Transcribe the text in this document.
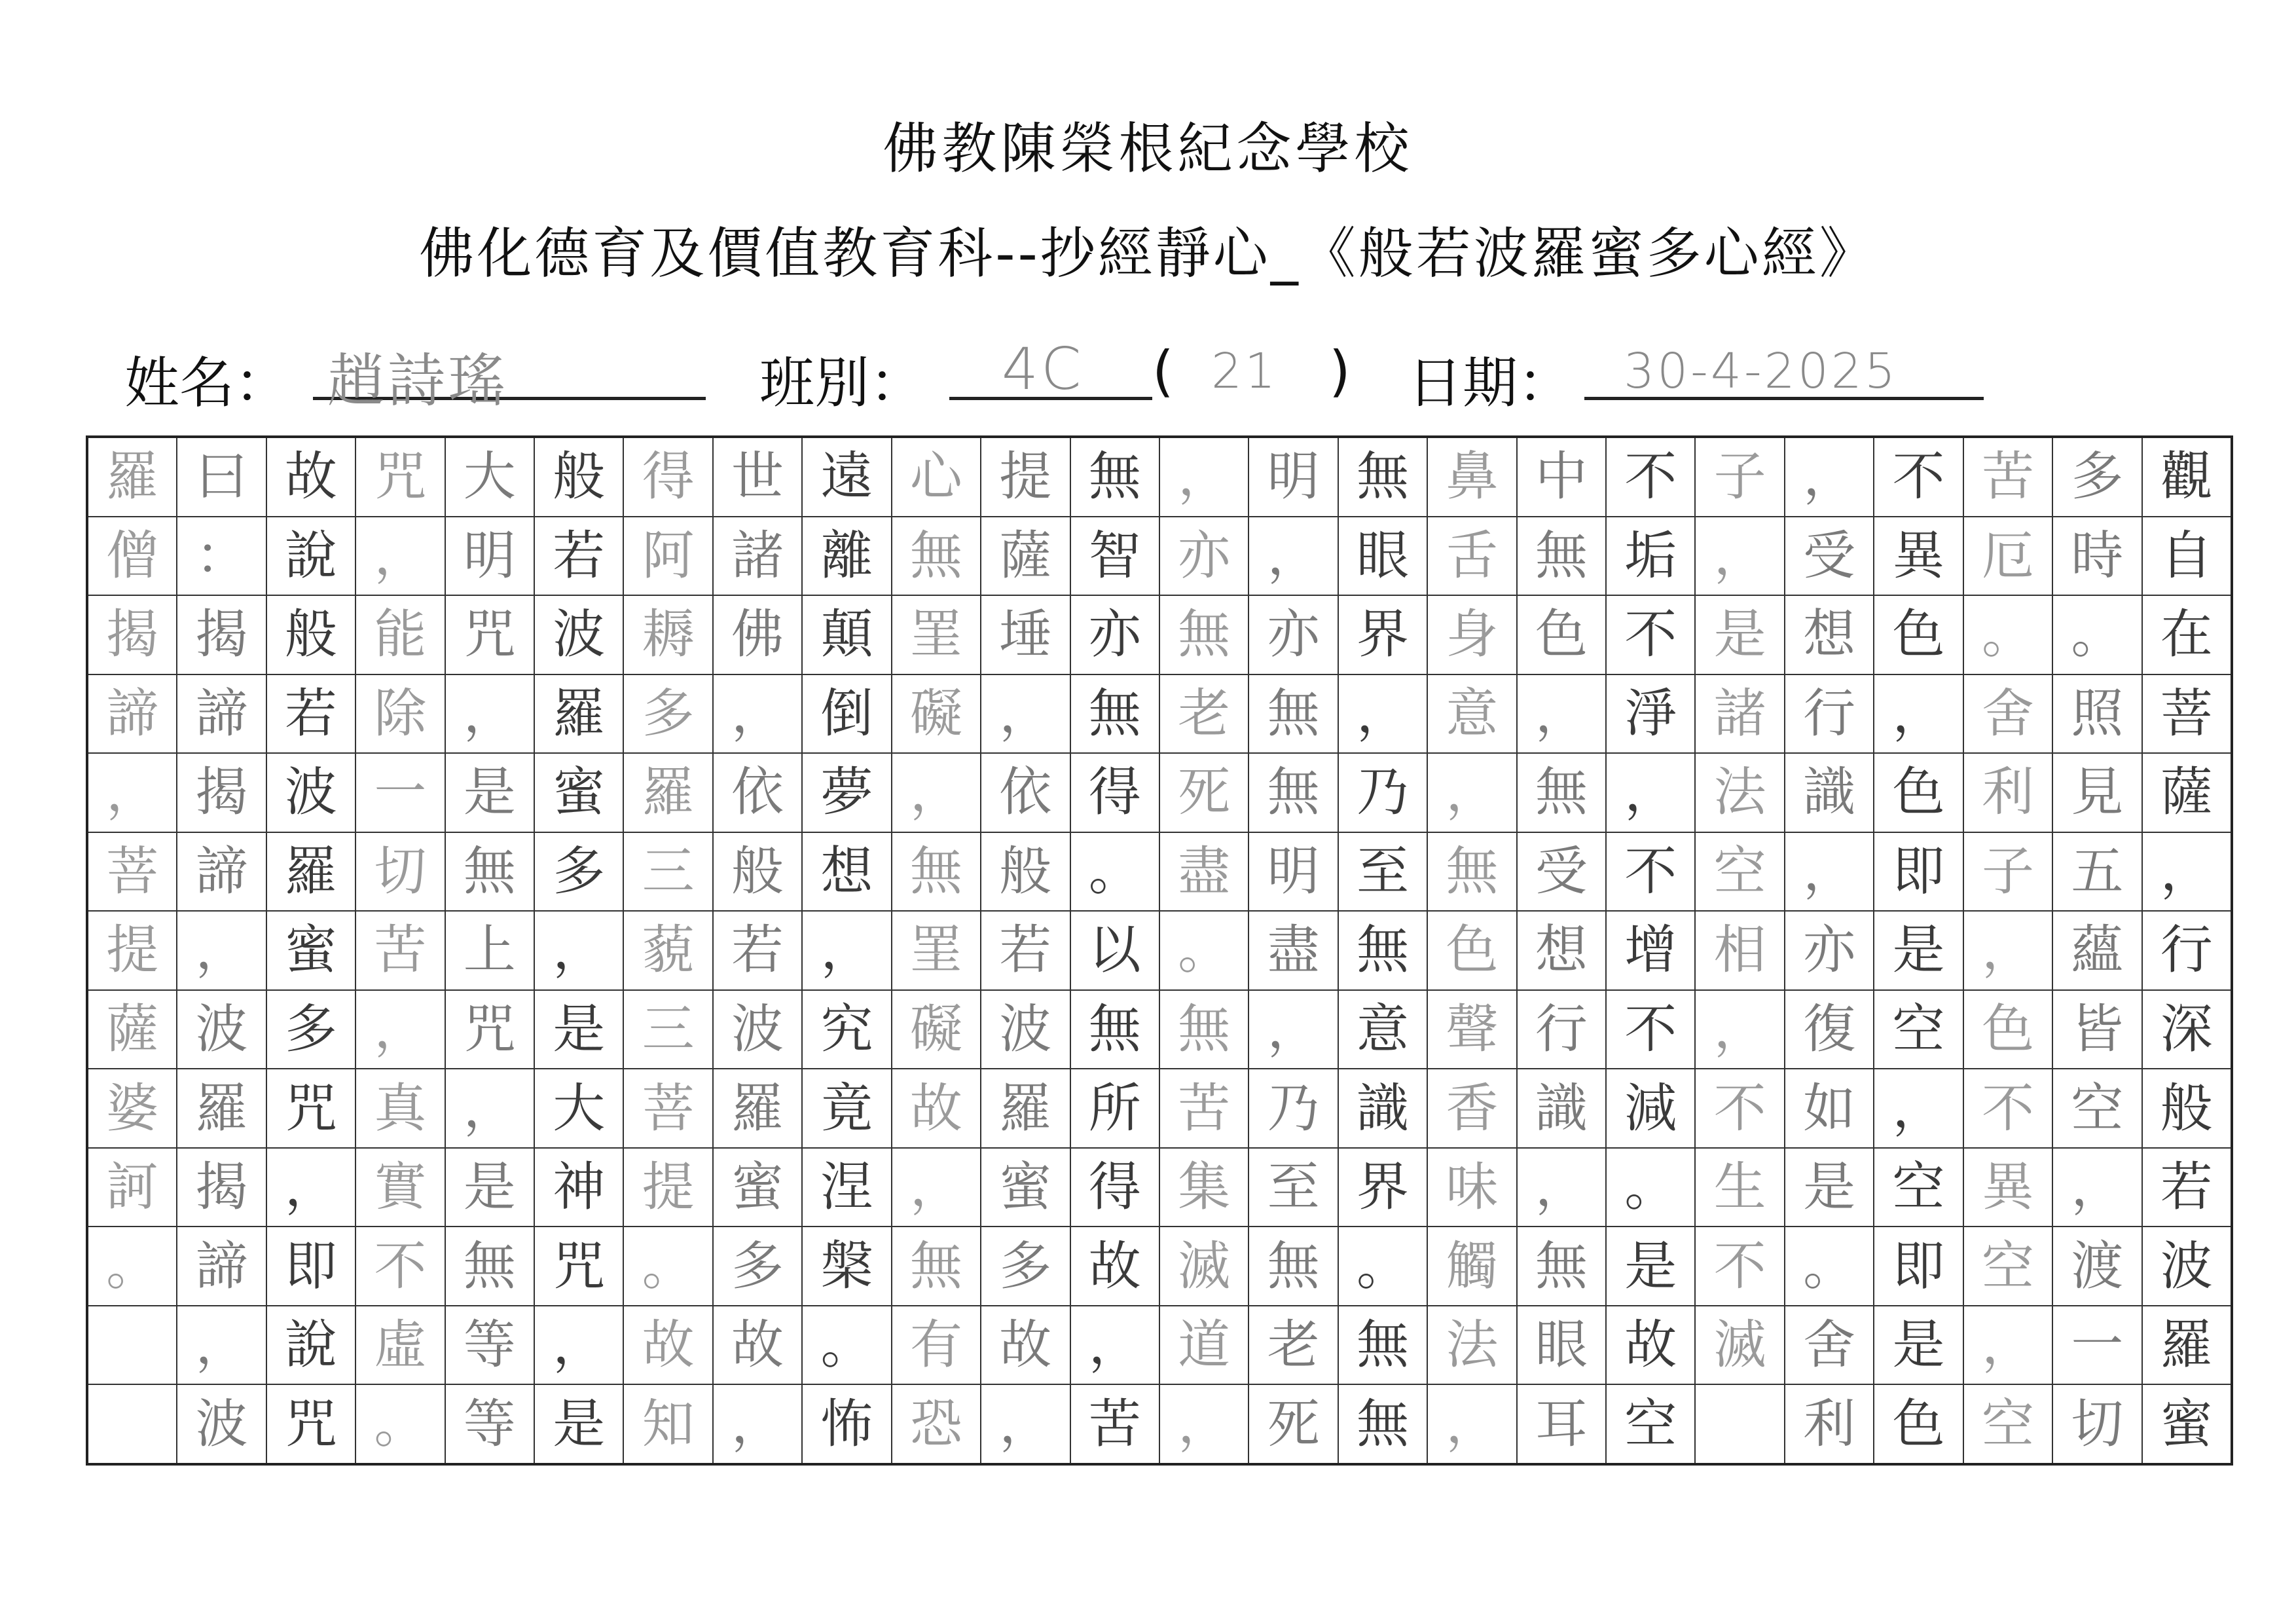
佛教陳榮根紀念學校
佛化德育及價值教育科--抄經靜心_《般若波羅蜜多心經》
姓名： 趙詩瑤	班別： 4C ( 21 ) 日期： 30-4-2025
觀
自
在
菩
薩
，
行
深
般
若
波
羅
蜜
多
時
。
照
見
五
蘊
皆
空
，
渡
一
切
苦
厄
。
舍
利
子
，
色
不
異
空
，
空
不
異
色
，
色
即
是
空
，
空
即
是
色
，
受
想
行
識
，
亦
復
如
是
。
舍
利
子
，
是
諸
法
空
相
，
不
生
不
滅
不
垢
不
淨
，
不
增
不
減
。
是
故
空
中
無
色
，
無
受
想
行
識
，
無
眼
耳
鼻
舌
身
意
，
無
色
聲
香
味
觸
法
，
無
眼
界
，
乃
至
無
意
識
界
。
無
無
明
，
亦
無
無
明
盡
，
乃
至
無
老
死
，
亦
無
老
死
盡
。
無
苦
集
滅
道
，
無
智
亦
無
得
。
以
無
所
得
故
，
苦
提
薩
埵
，
依
般
若
波
羅
蜜
多
故
，
心
無
罣
礙
，
無
罣
礙
故
，
無
有
恐
遠
離
顛
倒
夢
想
，
究
竟
涅
槃
。
怖
世
諸
佛
，
依
般
若
波
羅
蜜
多
故
，
得
阿
耨
多
羅
三
藐
三
菩
提
。
故
知
般
若
波
羅
蜜
多
，
是
大
神
咒
，
是
大
明
咒
，
是
無
上
咒
，
是
無
等
等
咒
，
能
除
一
切
苦
，
真
實
不
虛
。
故
說
般
若
波
羅
蜜
多
咒
，
即
說
咒
曰
：
揭
諦
揭
諦
，
波
羅
揭
諦
，
波
羅
僧
揭
諦
，
菩
提
薩
婆
訶
。
